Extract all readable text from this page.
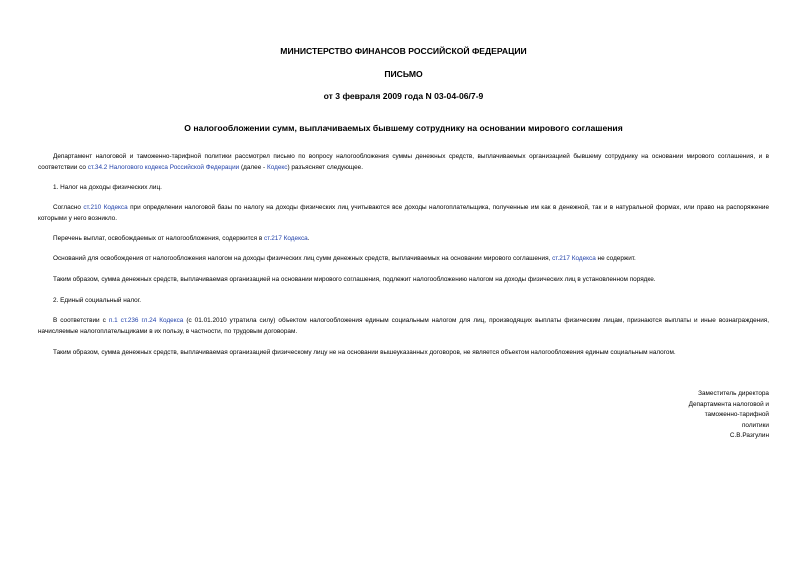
МИНИСТЕРСТВО ФИНАНСОВ РОССИЙСКОЙ ФЕДЕРАЦИИ
ПИСЬМО
от 3 февраля 2009 года N 03-04-06/7-9
О налогообложении сумм, выплачиваемых бывшему сотруднику на основании мирового соглашения
Департамент налоговой и таможенно-тарифной политики рассмотрел письмо по вопросу налогообложения суммы денежных средств, выплачиваемых организацией бывшему сотруднику на основании мирового соглашения, и в соответствии со ст.34.2 Налогового кодекса Российской Федерации (далее - Кодекс) разъясняет следующее.
1. Налог на доходы физических лиц.
Согласно ст.210 Кодекса при определении налоговой базы по налогу на доходы физических лиц учитываются все доходы налогоплательщика, полученные им как в денежной, так и в натуральной формах, или право на распоряжение которыми у него возникло.
Перечень выплат, освобождаемых от налогообложения, содержится в ст.217 Кодекса.
Оснований для освобождения от налогообложения налогом на доходы физических лиц сумм денежных средств, выплачиваемых на основании мирового соглашения, ст.217 Кодекса не содержит.
Таким образом, сумма денежных средств, выплачиваемая организацией на основании мирового соглашения, подлежит налогообложению налогом на доходы физических лиц в установленном порядке.
2. Единый социальный налог.
В соответствии с п.1 ст.236 гл.24 Кодекса (с 01.01.2010 утратила силу) объектом налогообложения единым социальным налогом для лиц, производящих выплаты физическим лицам, признаются выплаты и иные вознаграждения, начисляемые налогоплательщиками в их пользу, в частности, по трудовым договорам.
Таким образом, сумма денежных средств, выплачиваемая организацией физическому лицу не на основании вышеуказанных договоров, не является объектом налогообложения единым социальным налогом.
Заместитель директора
Департамента налоговой и
таможенно-тарифной
политики
С.В.Разгулин
